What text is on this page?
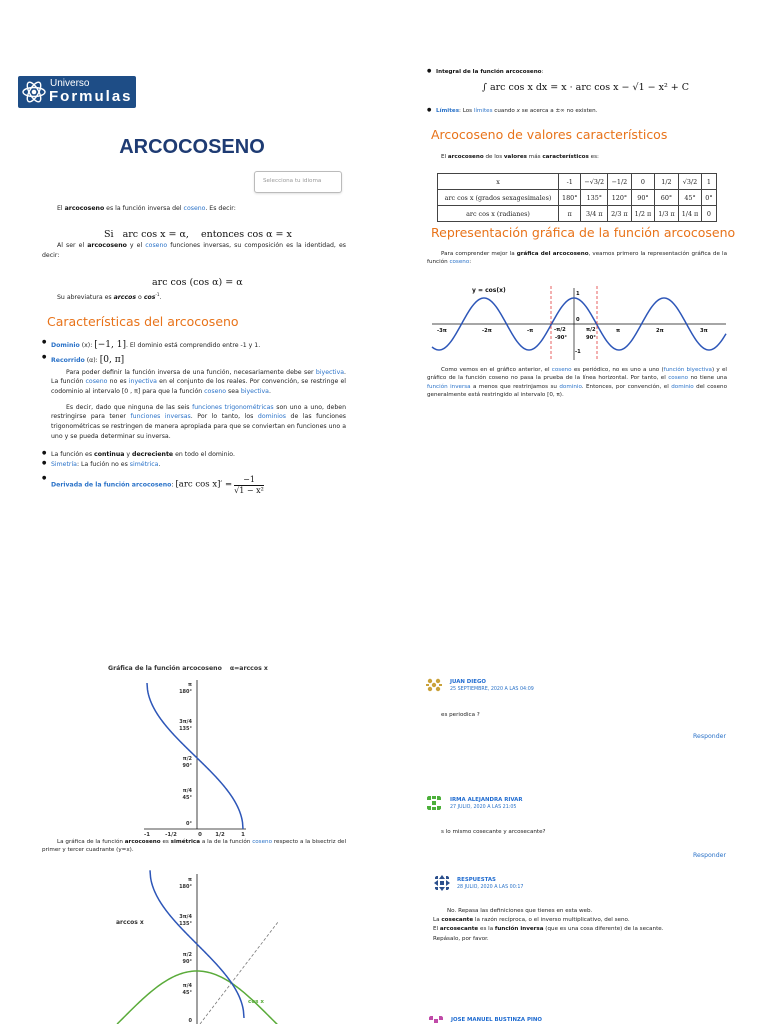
Universo
Formulas
ARCOCOSENO
Selecciona tu idioma
El arcocoseno es la función inversa del coseno. Es decir:
Si   arc cos x = α,    entonces cos α = x
Al ser el arcocoseno y el coseno funciones inversas, su composición es la identidad, es decir:
arc cos (cos α) = α
Su abreviatura es arccos o $\cos^{-1}$.
Características del arcocoseno
● Dominio (x): [−1, 1]. El dominio está comprendido entre -1 y 1.
● Recorrido (α): [0, π]
Para poder definir la función inversa de una función, necesariamente debe ser biyectiva. La función coseno no es inyectiva en el conjunto de los reales. Por convención, se restringe el codominio al intervalo [0 , π] para que la función coseno sea biyectiva.
Es decir, dado que ninguna de las seis funciones trigonométricas son uno a uno, deben restringirse para tener funciones inversas. Por lo tanto, los dominios de las funciones trigonométricas se restringen de manera apropiada para que se conviertan en funciones uno a uno y se pueda determinar su inversa.
● La función es continua y decreciente en todo el dominio.
● Simetría: La fución no es simétrica.
● Derivada de la función arcocoseno: [arc $\cos x]' = \frac{-1}{\text{√1 − x²}}$
● Integral de la función arcocoseno:
∫ arc cos x dx = x · arc cos x − √1 − x² + C
● Límites: Los límites cuando x se acerca a ±∞ no existen.
Arcocoseno de valores característicos
El arcocoseno de los valores más característicos es:
x	-1	−√3/2	−1/2	0	1/2	√3/2	1
arc cos x (grados sexagesimales)	180°	135°	120°	90°	60°	45°	0°
arc cos x (radianes)	π	3/4 π	2/3 π	1/2 π	1/3 π	1/4 π	0
Representación gráfica de la función arcocoseno
Para comprender mejor la gráfica del arcocoseno, veamos primero la representación gráfica de la función coseno:
y = cos(x)
-3π	-2π	-π	-π/2	π/2	π	2π	3π
1
0
-90°	90°
-1
Como vemos en el gráfico anterior, el coseno es periódico, no es uno a uno (función biyectiva) y el gráfico de la función coseno no pasa la prueba de la línea horizontal. Por tanto, el coseno no tiene una función inversa a menos que restrinjamos su dominio. Entonces, por convención, el dominio del coseno generalmente está restringido al intervalo [0, π).
Gráfica de la función arcocoseno α=arccos x
π
180°
3π/4
135°
π/2
90°
π/4
45°
0°
-1	-1/2	0 1/2	1
La gráfica de la función arcocoseno es simétrica a la de la función coseno respecto a la bisectriz del primer y tercer cuadrante (y=x).
π
180°
3π/4
135°
π/2
90°
π/4
45°
0
arccos x
cos x
JUAN DIEGO
25 SEPTIEMBRE, 2020 A LAS 04:09
es periodica ?
Responder
IRMA ALEJANDRA RIVAR
27 JULIO, 2020 A LAS 21:05
s lo mismo cosecante y arcosecante?
Responder
RESPUESTAS
28 JULIO, 2020 A LAS 00:17
No. Repasa las definiciones que tienes en esta web.
La cosecante la razón recíproca, o el inverso multiplicativo, del seno.
El arcosecante es la función inversa (que es una cosa diferente) de la secante.
Repásalo, por favor.
JOSE MANUEL BUSTINZA PINO
